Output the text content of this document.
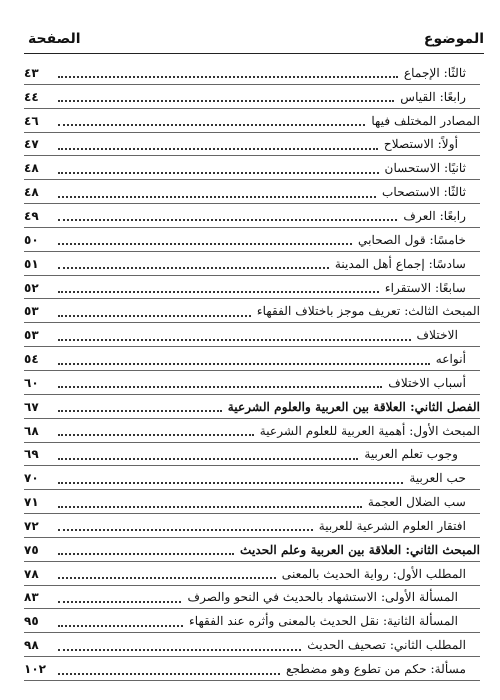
الموضوع
الصفحة
ثالثًا: الإجماع
٤٣
رابعًا: القياس
٤٤
المصادر المختلف فيها
٤٦
أولاً: الاستصلاح
٤٧
ثانيًا: الاستحسان
٤٨
ثالثًا: الاستصحاب
٤٨
رابعًا: العرف
٤٩
خامسًا: قول الصحابي
٥٠
سادسًا: إجماع أهل المدينة
٥١
سابعًا: الاستقراء
٥٢
المبحث الثالث: تعريف موجز باختلاف الفقهاء
٥٣
الاختلاف
٥٣
أنواعه
٥٤
أسباب الاختلاف
٦٠
الفصل الثاني: العلاقة بين العربية والعلوم الشرعية
٦٧
المبحث الأول: أهمية العربية للعلوم الشرعية
٦٨
وجوب تعلم العربية
٦٩
حب العربية
٧٠
سب الضلال العجمة
٧١
افتقار العلوم الشرعية للعربية
٧٢
المبحث الثاني: العلاقة بين العربية وعلم الحديث
٧٥
المطلب الأول: رواية الحديث بالمعنى
٧٨
المسألة الأولى: الاستشهاد بالحديث في النحو والصرف
٨٣
المسألة الثانية: نقل الحديث بالمعنى وأثره عند الفقهاء
٩٥
المطلب الثاني: تصحيف الحديث
٩٨
مسألة: حكم من تطوع وهو مضطجع
١٠٢
